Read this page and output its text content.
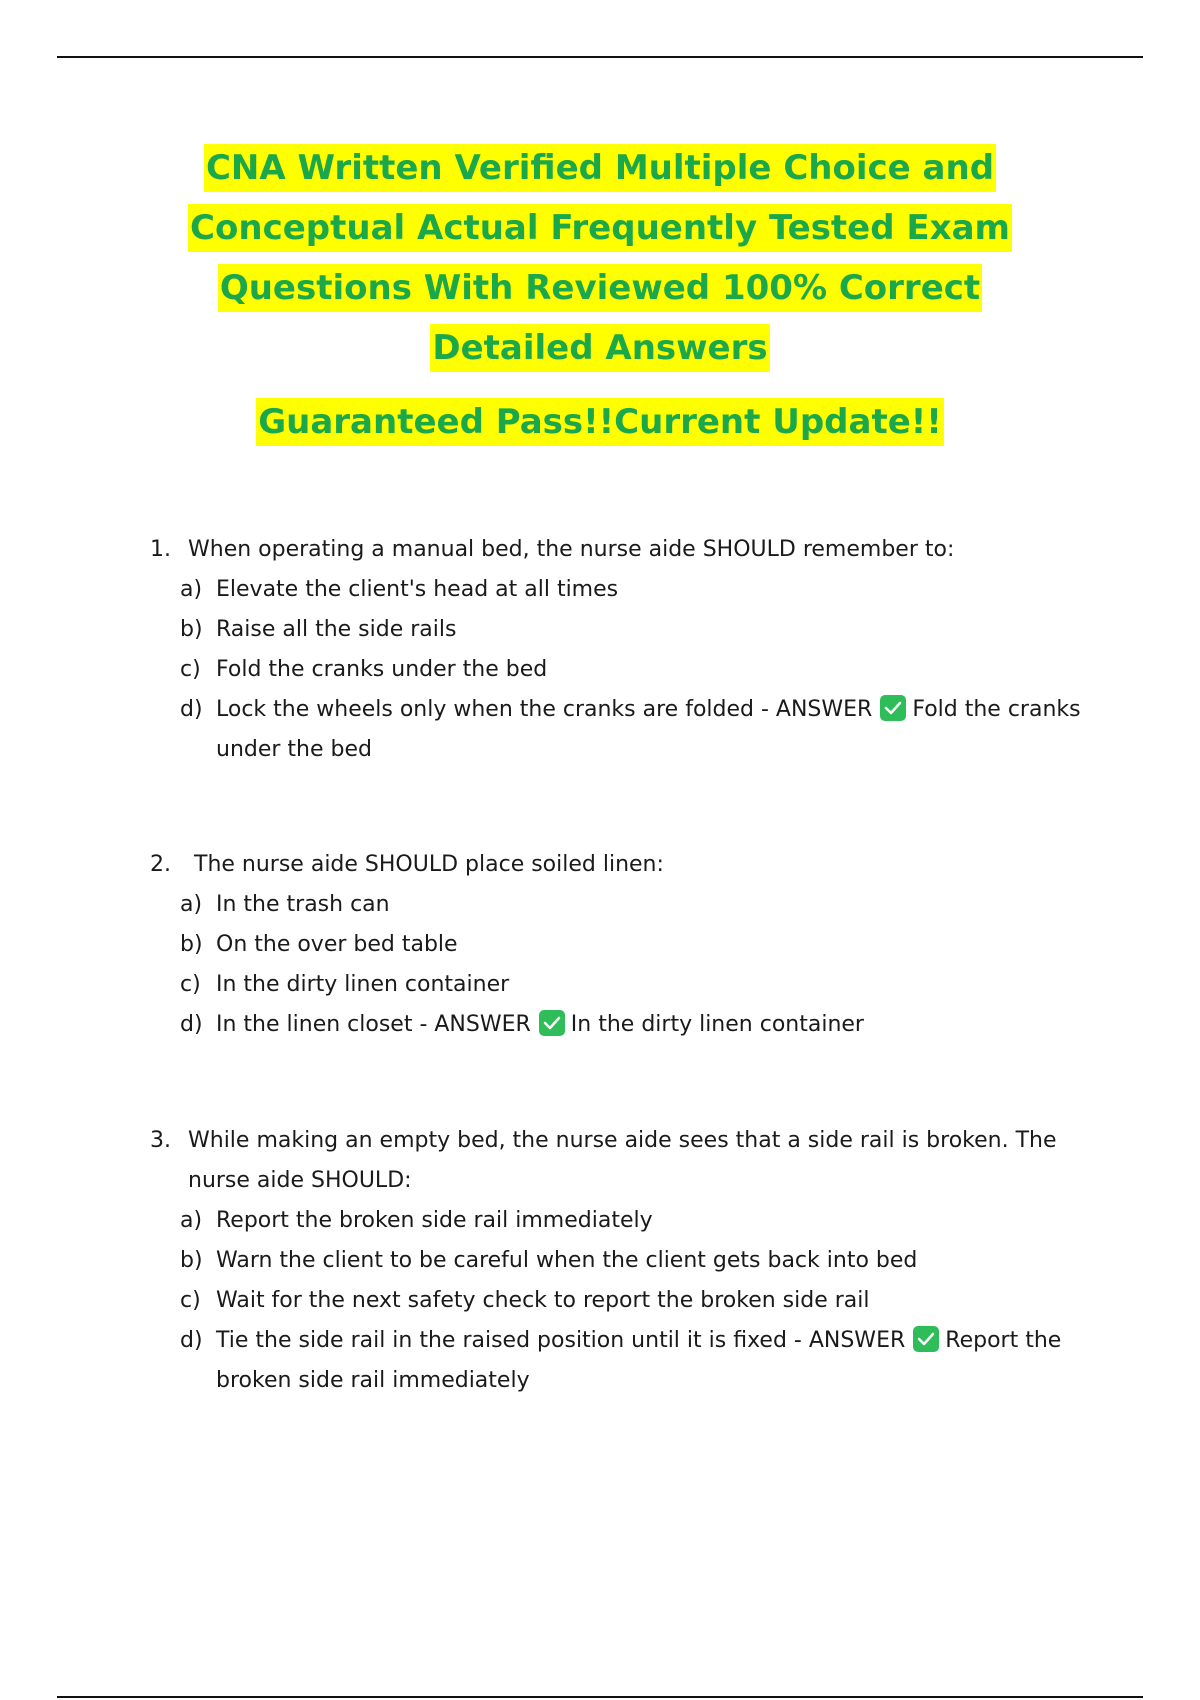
CNA Written Verified Multiple Choice and
Conceptual Actual Frequently Tested Exam
Questions With Reviewed 100% Correct
Detailed Answers
Guaranteed Pass!!Current Update!!
1. When operating a manual bed, the nurse aide SHOULD remember to:
a) Elevate the client's head at all times
b) Raise all the side rails
c) Fold the cranks under the bed
d) Lock the wheels only when the cranks are folded - ANSWER Fold the cranks under the bed
2.	The nurse aide SHOULD place soiled linen:
a) In the trash can
b) On the over bed table
c) In the dirty linen container
d) In the linen closet - ANSWER In the dirty linen container
3. While making an empty bed, the nurse aide sees that a side rail is broken. The nurse aide SHOULD:
a) Report the broken side rail immediately
b) Warn the client to be careful when the client gets back into bed
c) Wait for the next safety check to report the broken side rail
d) Tie the side rail in the raised position until it is fixed - ANSWER Report the broken side rail immediately
